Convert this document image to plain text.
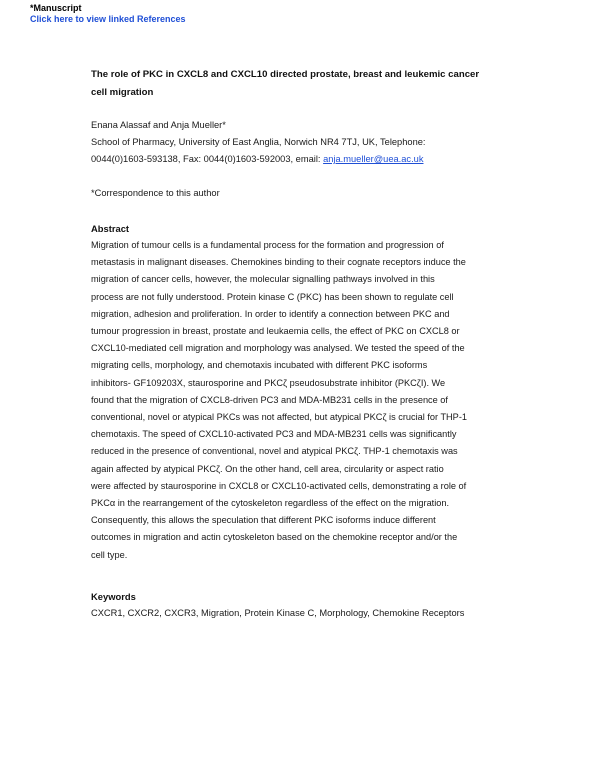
*Manuscript
Click here to view linked References
The role of PKC in CXCL8 and CXCL10 directed prostate, breast and leukemic cancer
cell migration
Enana Alassaf and Anja Mueller*
School of Pharmacy, University of East Anglia, Norwich NR4 7TJ, UK, Telephone:
0044(0)1603-593138, Fax: 0044(0)1603-592003, email: anja.mueller@uea.ac.uk
*Correspondence to this author
Abstract
Migration of tumour cells is a fundamental process for the formation and progression of
metastasis in malignant diseases. Chemokines binding to their cognate receptors induce the
migration of cancer cells, however, the molecular signalling pathways involved in this
process are not fully understood. Protein kinase C (PKC) has been shown to regulate cell
migration, adhesion and proliferation. In order to identify a connection between PKC and
tumour progression in breast, prostate and leukaemia cells, the effect of PKC on CXCL8 or
CXCL10-mediated cell migration and morphology was analysed. We tested the speed of the
migrating cells, morphology, and chemotaxis incubated with different PKC isoforms
inhibitors- GF109203X, staurosporine and PKCζ pseudosubstrate inhibitor (PKCζI). We
found that the migration of CXCL8-driven PC3 and MDA-MB231 cells in the presence of
conventional, novel or atypical PKCs was not affected, but atypical PKCζ is crucial for THP-1
chemotaxis. The speed of CXCL10-activated PC3 and MDA-MB231 cells was significantly
reduced in the presence of conventional, novel and atypical PKCζ. THP-1 chemotaxis was
again affected by atypical PKCζ. On the other hand, cell area, circularity or aspect ratio
were affected by staurosporine in CXCL8 or CXCL10-activated cells, demonstrating a role of
PKCα in the rearrangement of the cytoskeleton regardless of the effect on the migration.
Consequently, this allows the speculation that different PKC isoforms induce different
outcomes in migration and actin cytoskeleton based on the chemokine receptor and/or the
cell type.
Keywords
CXCR1, CXCR2, CXCR3, Migration, Protein Kinase C, Morphology, Chemokine Receptors
